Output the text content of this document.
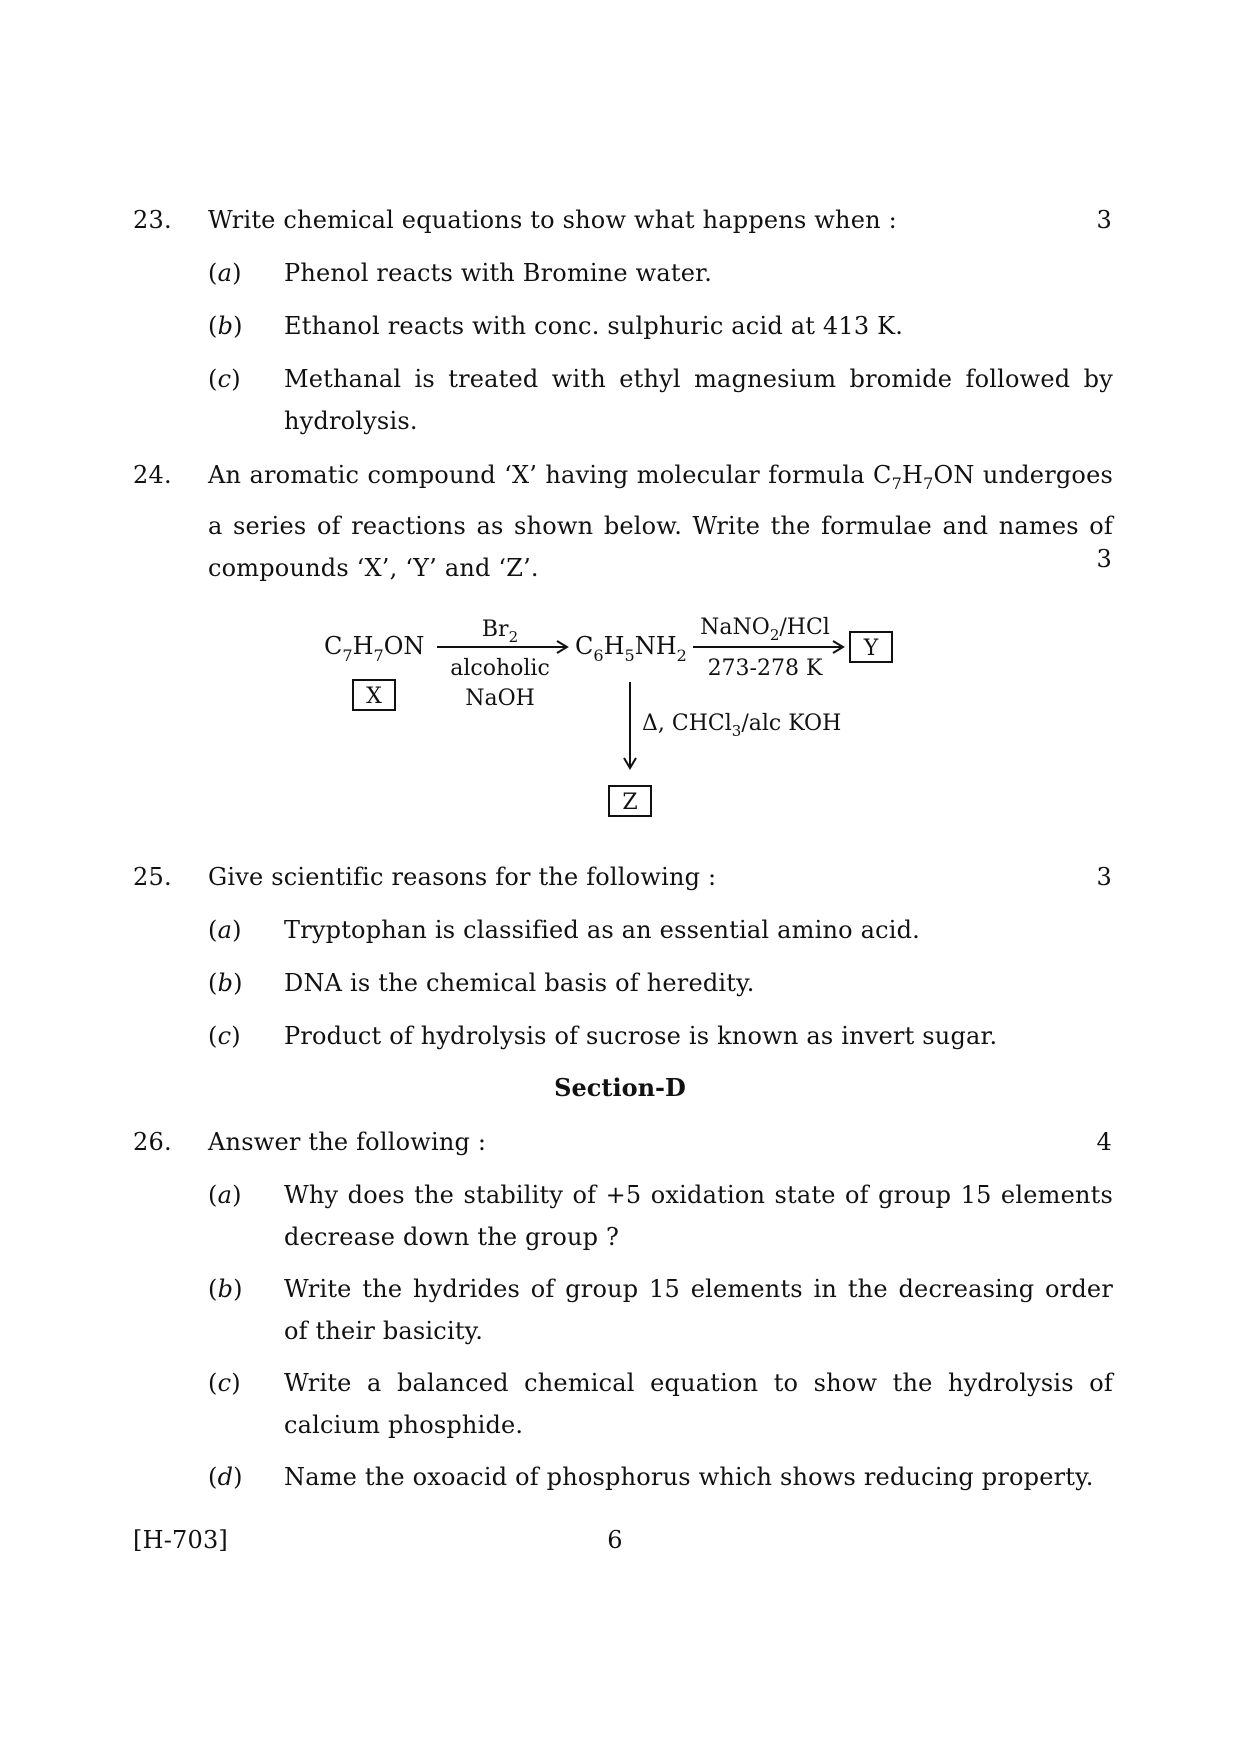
23.	Write chemical equations to show what happens when :	3
(a)	Phenol reacts with Bromine water.
(b)	Ethanol reacts with conc. sulphuric acid at 413 K.
(c)	Methanal is treated with ethyl magnesium bromide followed by hydrolysis.
24.	An aromatic compound ‘X’ having molecular formula $C_7H_7ON$ undergoes a series of reactions as shown below. Write the formulae and names of compounds ‘X’, ‘Y’ and ‘Z’.	3
$C_7H_7ON$
X
$Br_2$
alcoholic
NaOH
$C_6H_5NH_2$
NaNO$_2$/HCl
273-278 K
Y
Δ, CHCl$_3$/alc KOH
Z
25.	Give scientific reasons for the following :	3
(a)	Tryptophan is classified as an essential amino acid.
(b)	DNA is the chemical basis of heredity.
(c)	Product of hydrolysis of sucrose is known as invert sugar.
Section-D
26.	Answer the following :	4
(a)	Why does the stability of +5 oxidation state of group 15 elements decrease down the group ?
(b)	Write the hydrides of group 15 elements in the decreasing order of their basicity.
(c)	Write a balanced chemical equation to show the hydrolysis of calcium phosphide.
(d)	Name the oxoacid of phosphorus which shows reducing property.
[H-703]	6
